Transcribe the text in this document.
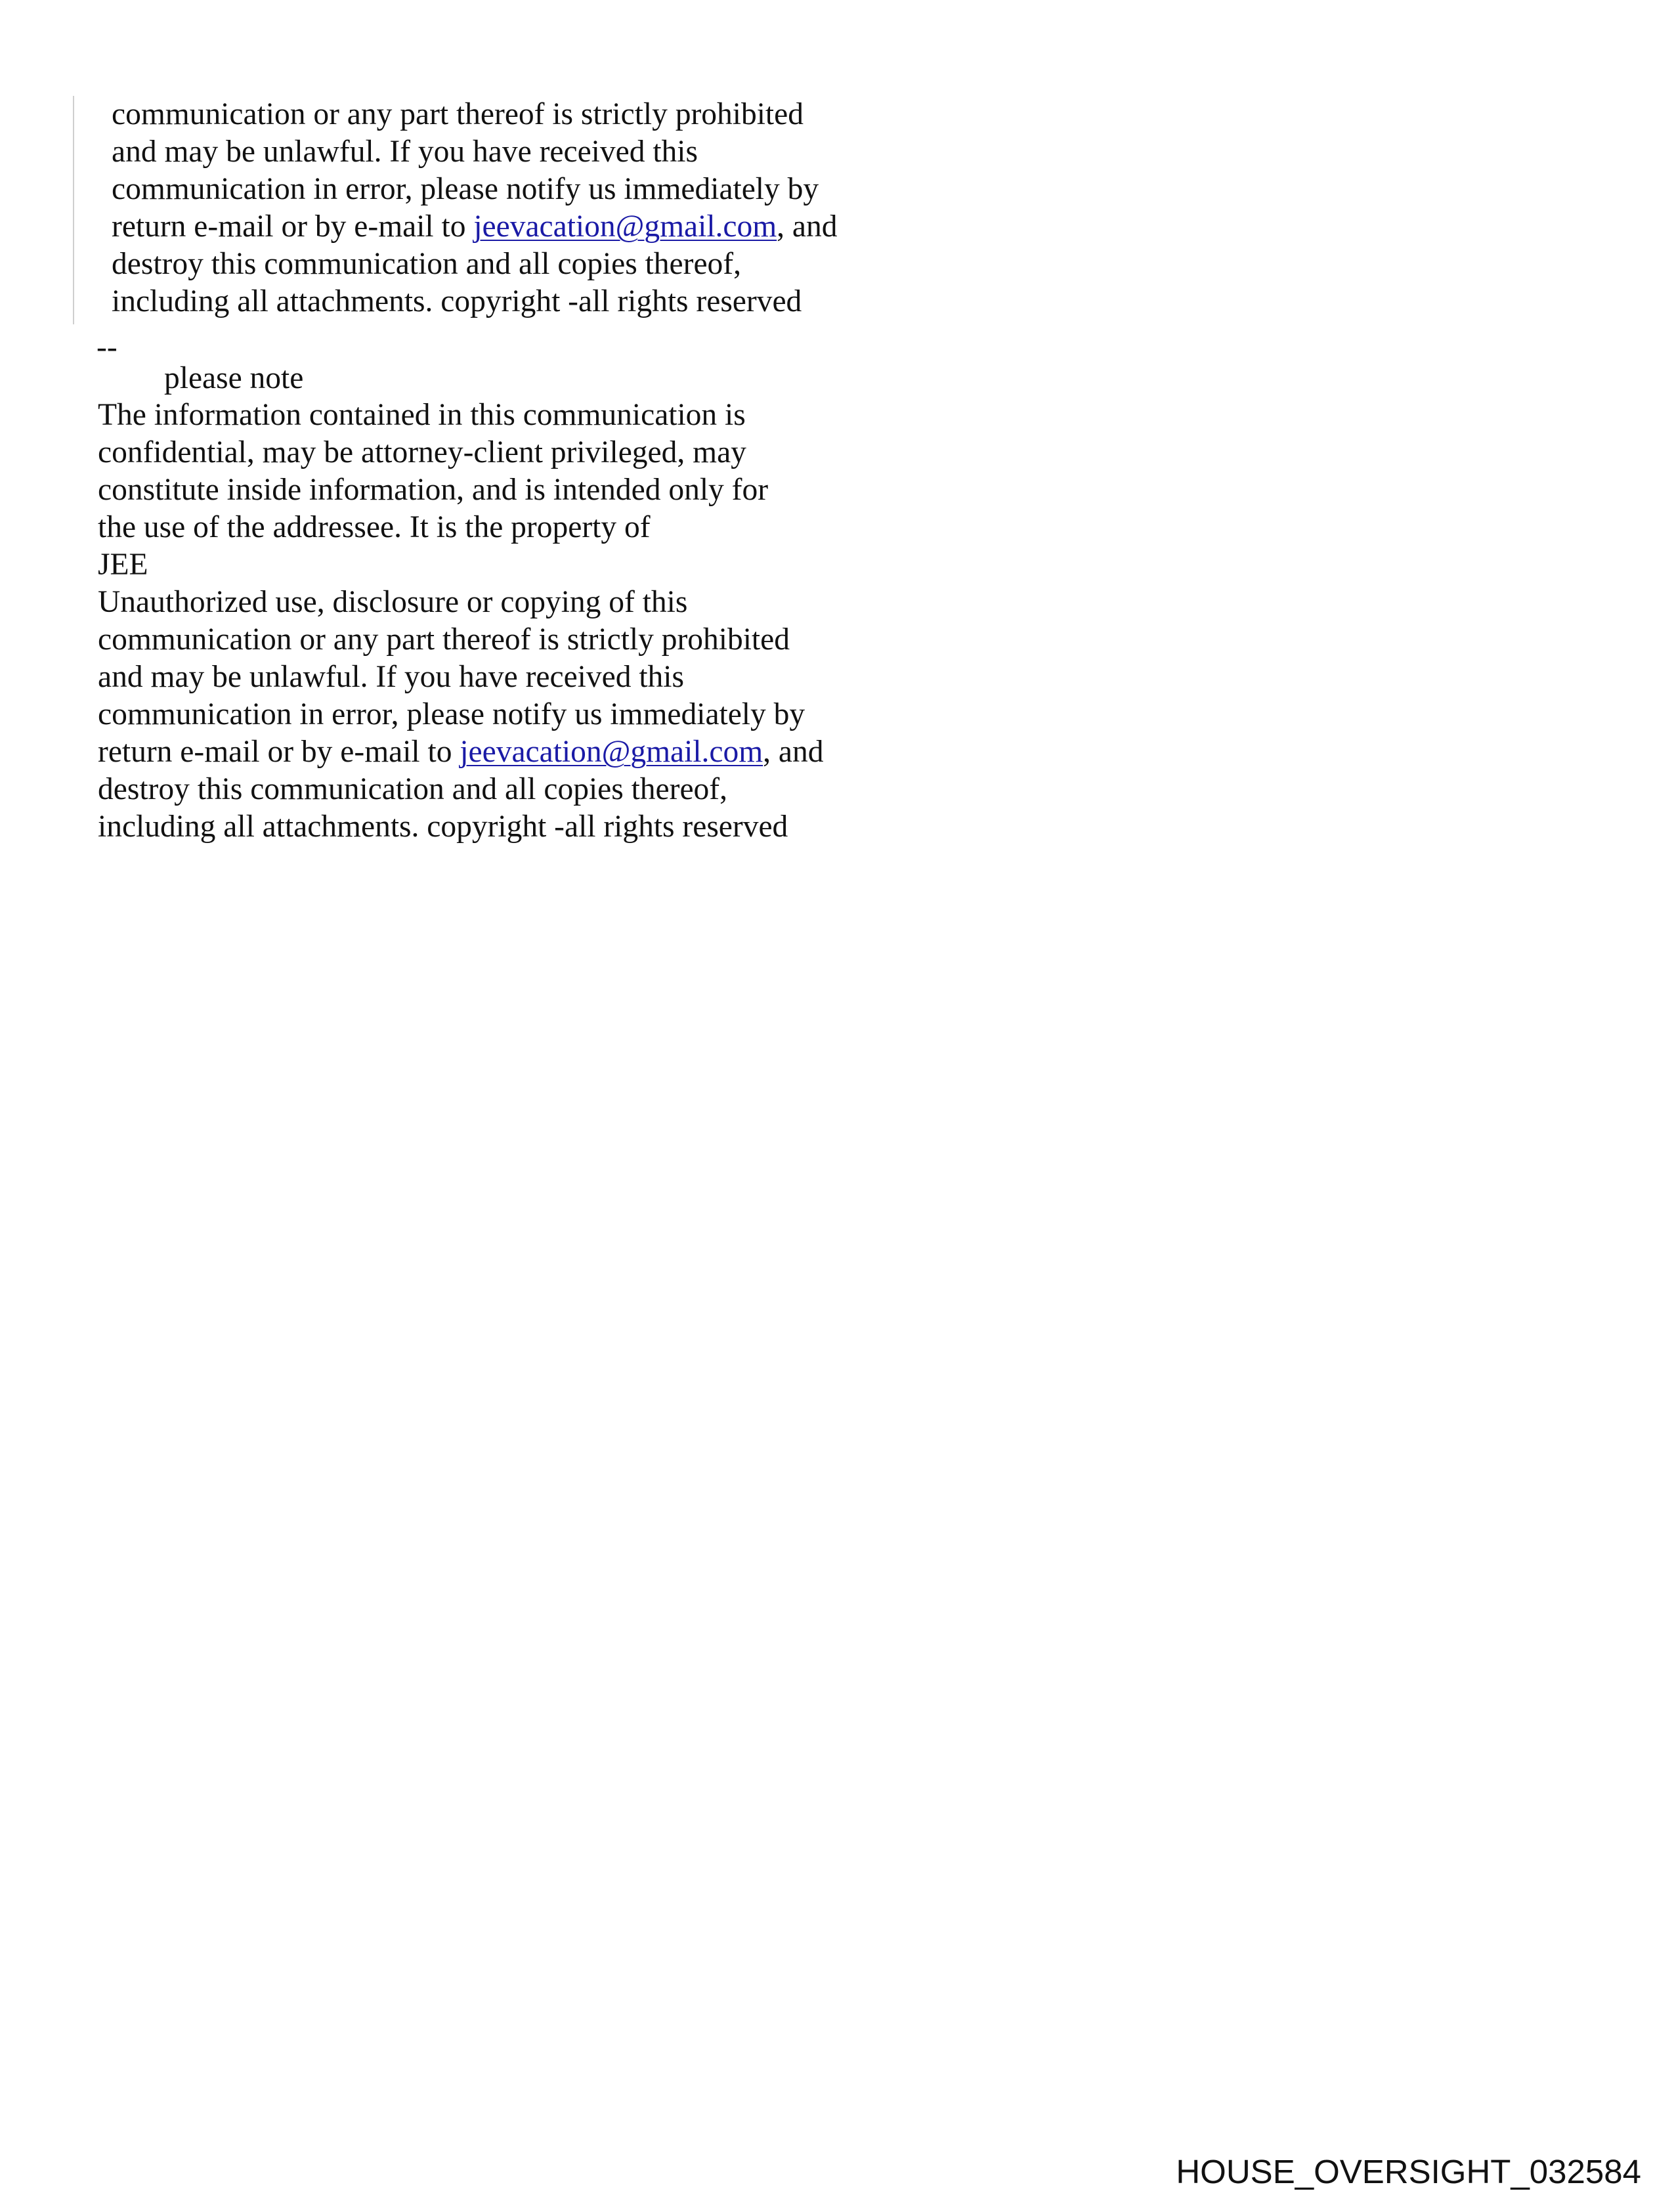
communication or any part thereof is strictly prohibited
and may be unlawful. If you have received this
communication in error, please notify us immediately by
return e-mail or by e-mail to jeevacation@gmail.com, and
destroy this communication and all copies thereof,
including all attachments. copyright -all rights reserved
--
please note
The information contained in this communication is
confidential, may be attorney-client privileged, may
constitute inside information, and is intended only for
the use of the addressee. It is the property of
JEE
Unauthorized use, disclosure or copying of this
communication or any part thereof is strictly prohibited
and may be unlawful. If you have received this
communication in error, please notify us immediately by
return e-mail or by e-mail to jeevacation@gmail.com, and
destroy this communication and all copies thereof,
including all attachments. copyright -all rights reserved
HOUSE_OVERSIGHT_032584
